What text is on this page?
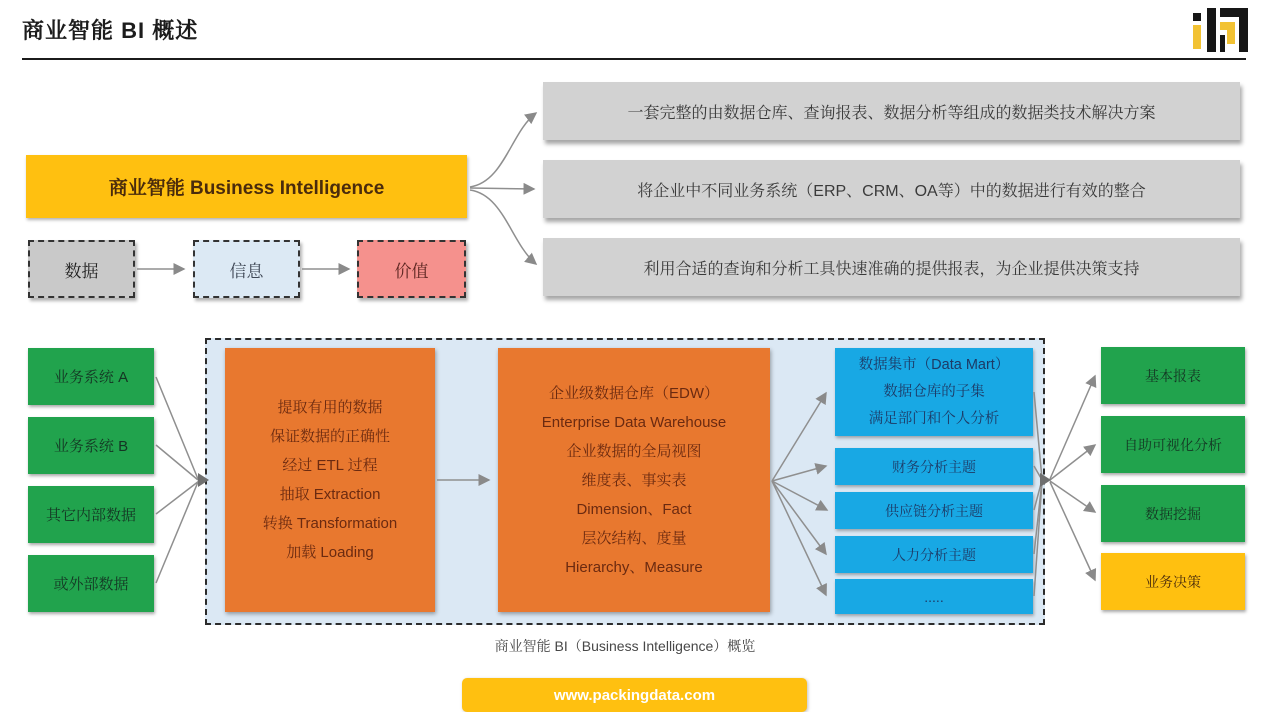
商业智能 BI 概述
商业智能 Business Intelligence
一套完整的由数据仓库、查询报表、数据分析等组成的数据类技术解决方案
将企业中不同业务系统（ERP、CRM、OA等）中的数据进行有效的整合
利用合适的查询和分析工具快速准确的提供报表，为企业提供决策支持
数据	信息	价值
业务系统 A
业务系统 B
其它内部数据
或外部数据
提取有用的数据
保证数据的正确性
经过 ETL 过程
抽取 Extraction
转换 Transformation
加载 Loading
企业级数据仓库（EDW）
Enterprise Data Warehouse
企业数据的全局视图
维度表、事实表
Dimension、Fact
层次结构、度量
Hierarchy、Measure
数据集市（Data Mart）
数据仓库的子集
满足部门和个人分析
财务分析主题
供应链分析主题
人力分析主题
.....
基本报表
自助可视化分析
数据挖掘
业务决策
商业智能 BI（Business Intelligence）概览
www.packingdata.com
